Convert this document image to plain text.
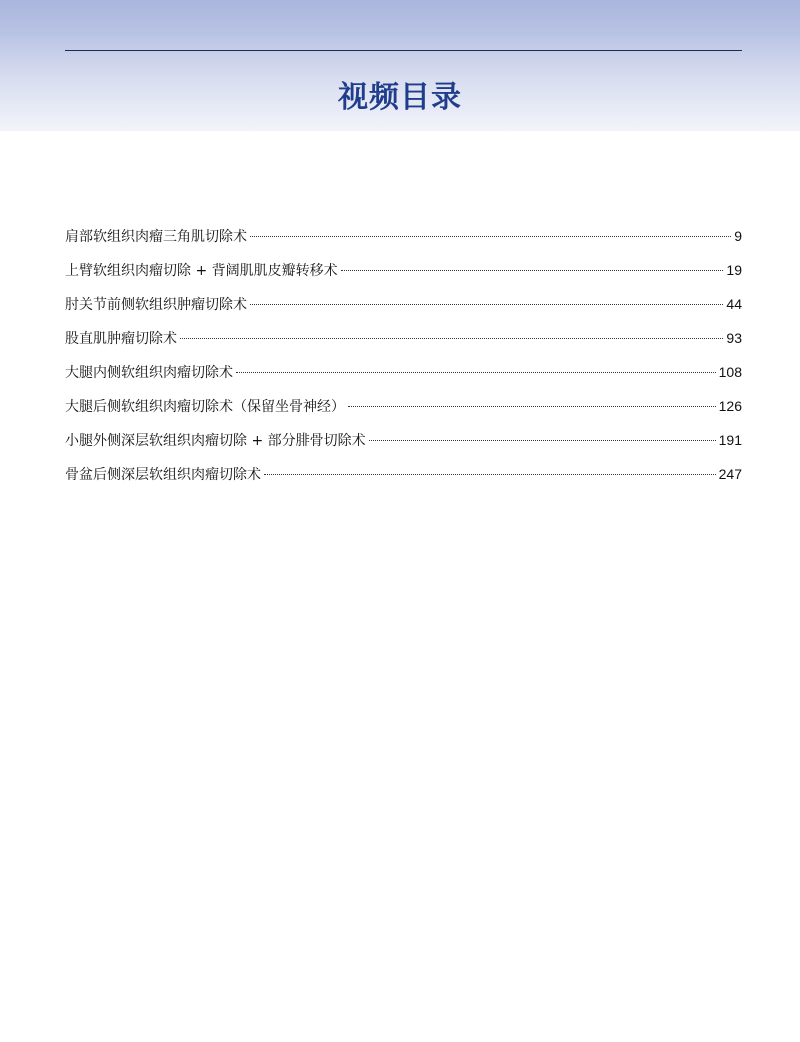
视频目录
肩部软组织肉瘤三角肌切除术	9
上臂软组织肉瘤切除 + 背阔肌肌皮瓣转移术	19
肘关节前侧软组织肿瘤切除术	44
股直肌肿瘤切除术	93
大腿内侧软组织肉瘤切除术	108
大腿后侧软组织肉瘤切除术（保留坐骨神经）	126
小腿外侧深层软组织肉瘤切除 + 部分腓骨切除术	191
骨盆后侧深层软组织肉瘤切除术	247
